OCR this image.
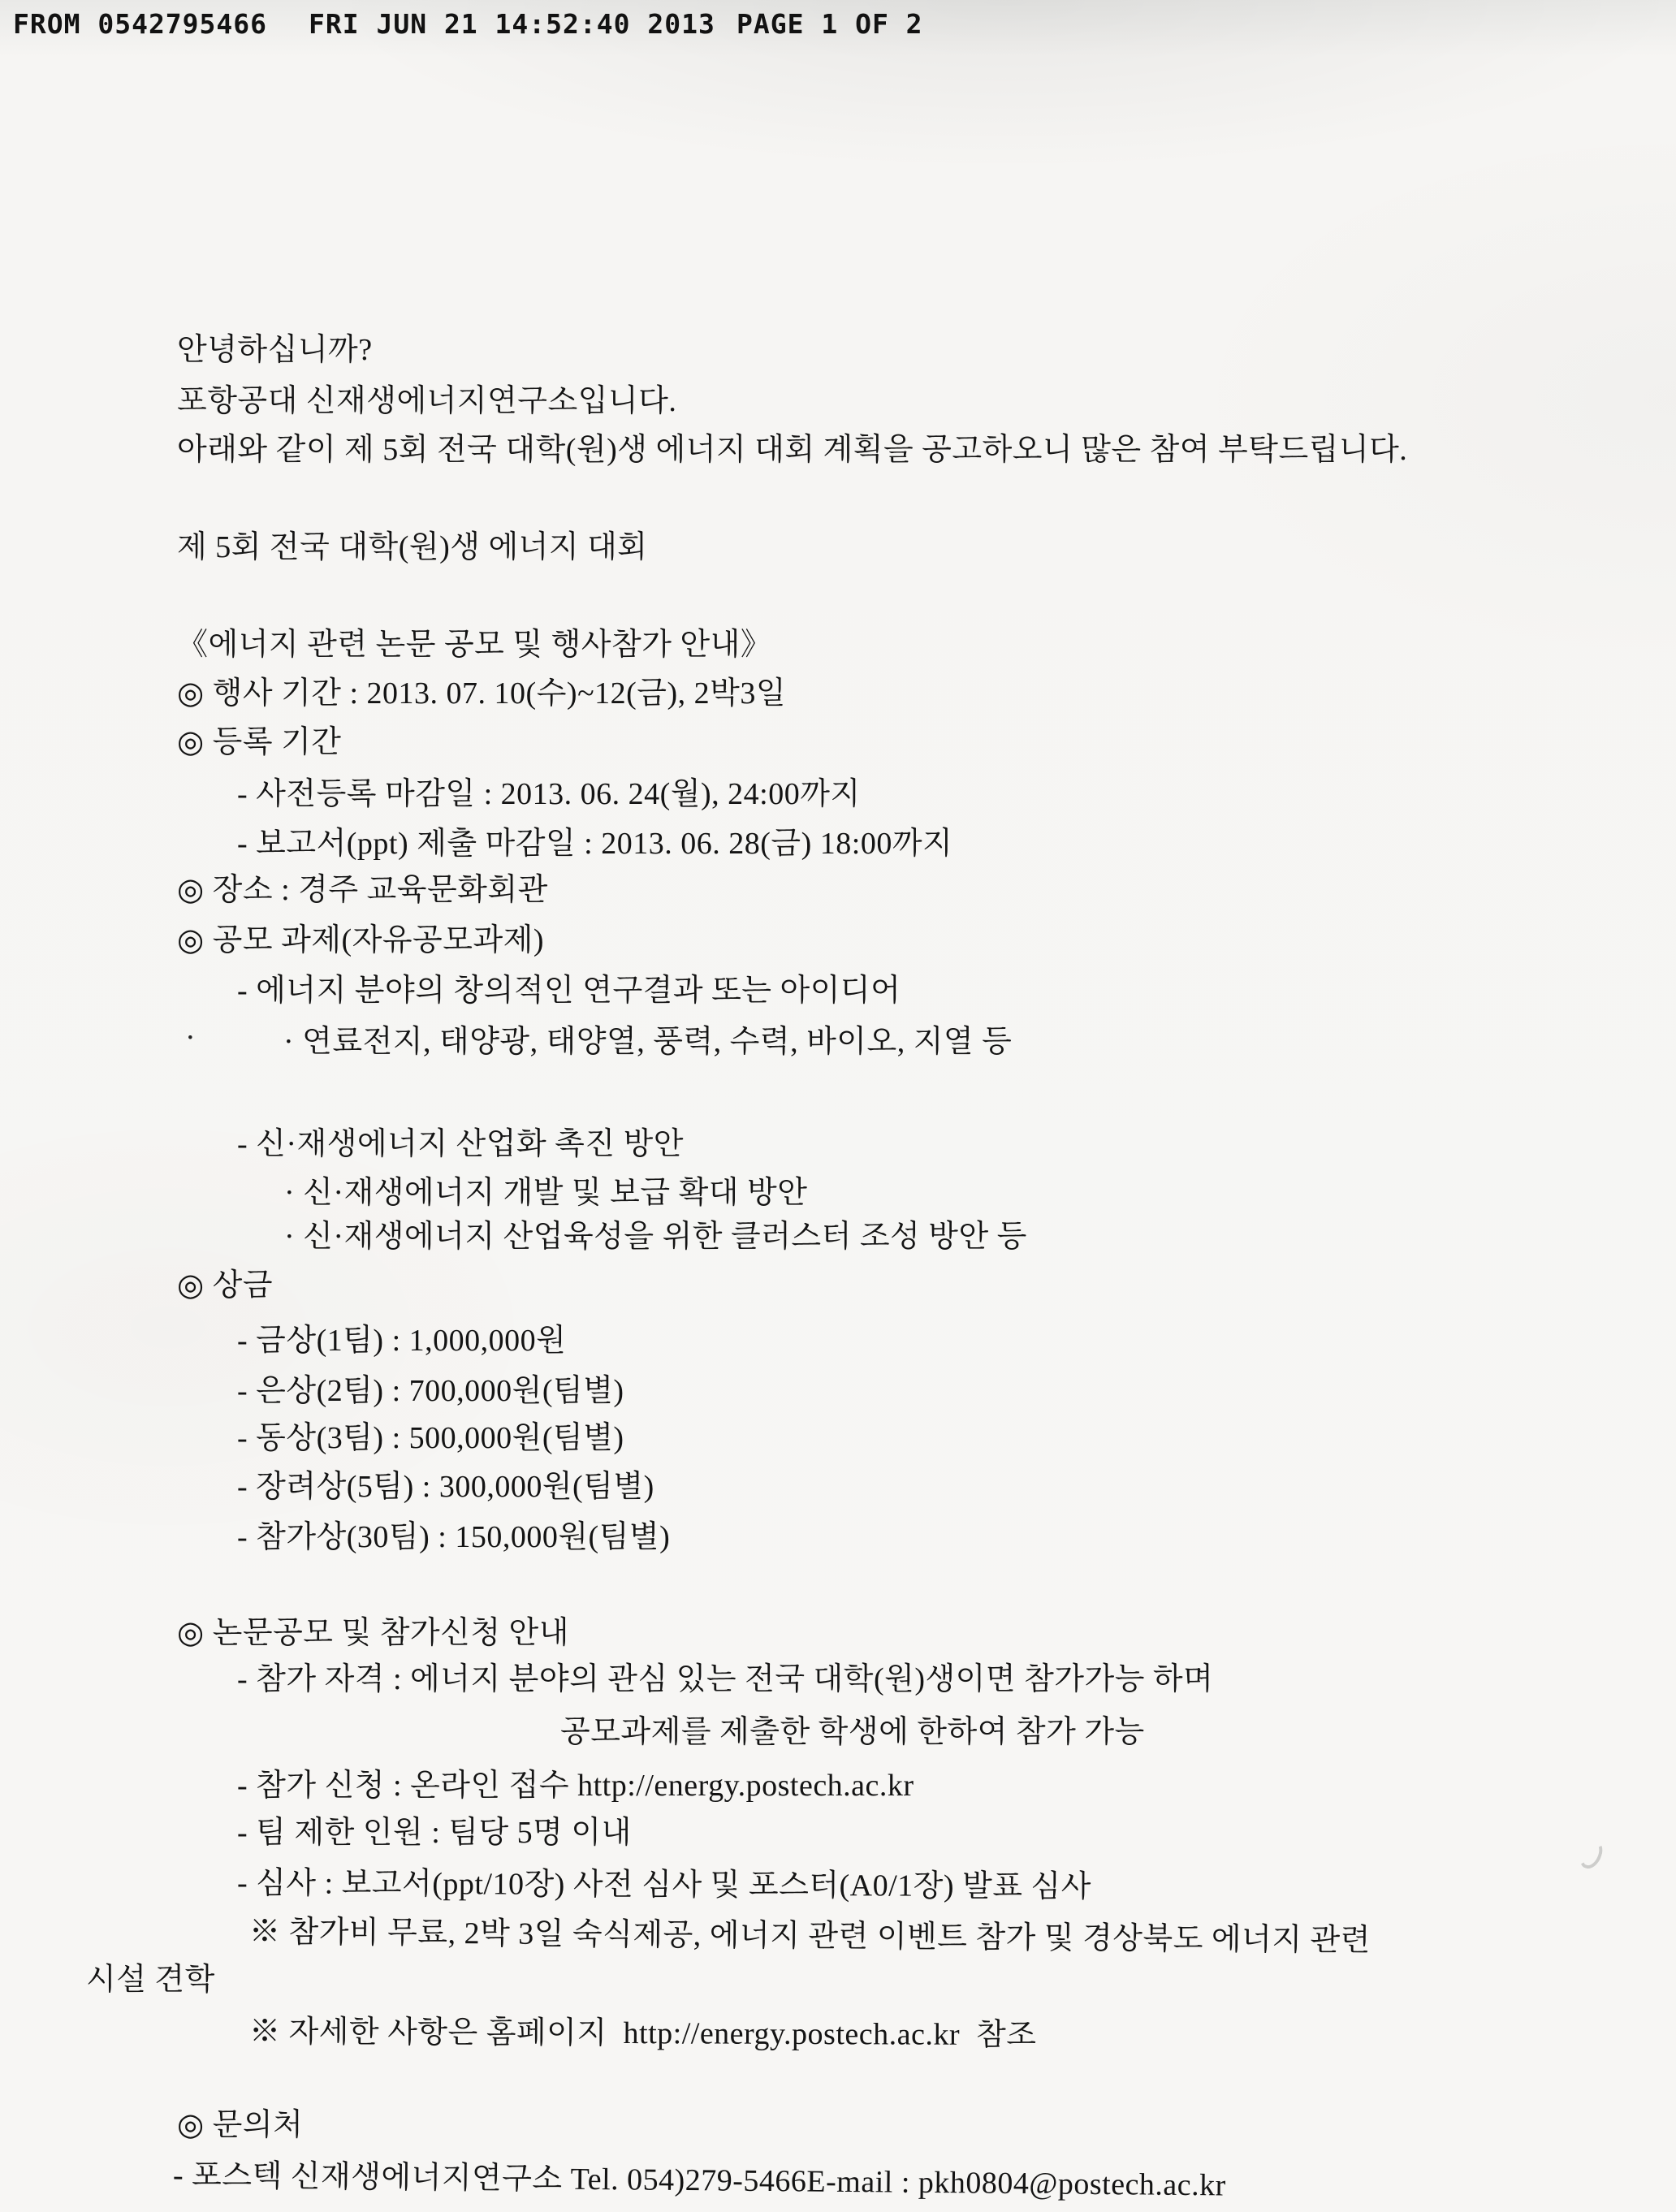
FROM 0542795466 FRI JUN 21 14:52:40 2013 PAGE 1 OF 2
안녕하십니까?
포항공대 신재생에너지연구소입니다.
아래와 같이 제 5회 전국 대학(원)생 에너지 대회 계획을 공고하오니 많은 참여 부탁드립니다.
제 5회 전국 대학(원)생 에너지 대회
《에너지 관련 논문 공모 및 행사참가 안내》
◎ 행사 기간 : 2013. 07. 10(수)~12(금), 2박3일
◎ 등록 기간
- 사전등록 마감일 : 2013. 06. 24(월), 24:00까지
- 보고서(ppt) 제출 마감일 : 2013. 06. 28(금) 18:00까지
◎ 장소 : 경주 교육문화회관
◎ 공모 과제(자유공모과제)
- 에너지 분야의 창의적인 연구결과 또는 아이디어
·	· 연료전지, 태양광, 태양열, 풍력, 수력, 바이오, 지열 등
- 신·재생에너지 산업화 촉진 방안
· 신·재생에너지 개발 및 보급 확대 방안
· 신·재생에너지 산업육성을 위한 클러스터 조성 방안 등
◎ 상금
- 금상(1팀) : 1,000,000원
- 은상(2팀) : 700,000원(팀별)
- 동상(3팀) : 500,000원(팀별)
- 장려상(5팀) : 300,000원(팀별)
- 참가상(30팀) : 150,000원(팀별)
◎ 논문공모 및 참가신청 안내
- 참가 자격 : 에너지 분야의 관심 있는 전국 대학(원)생이면 참가가능 하며
공모과제를 제출한 학생에 한하여 참가 가능
- 참가 신청 : 온라인 접수 http://energy.postech.ac.kr
- 팀 제한 인원 : 팀당 5명 이내
- 심사 : 보고서(ppt/10장) 사전 심사 및 포스터(A0/1장) 발표 심사
※ 참가비 무료, 2박 3일 숙식제공, 에너지 관련 이벤트 참가 및 경상북도 에너지 관련
시설 견학
※ 자세한 사항은 홈페이지  http://energy.postech.ac.kr  참조
◎ 문의처
- 포스텍 신재생에너지연구소 Tel. 054)279-5466E-mail : pkh0804@postech.ac.kr
